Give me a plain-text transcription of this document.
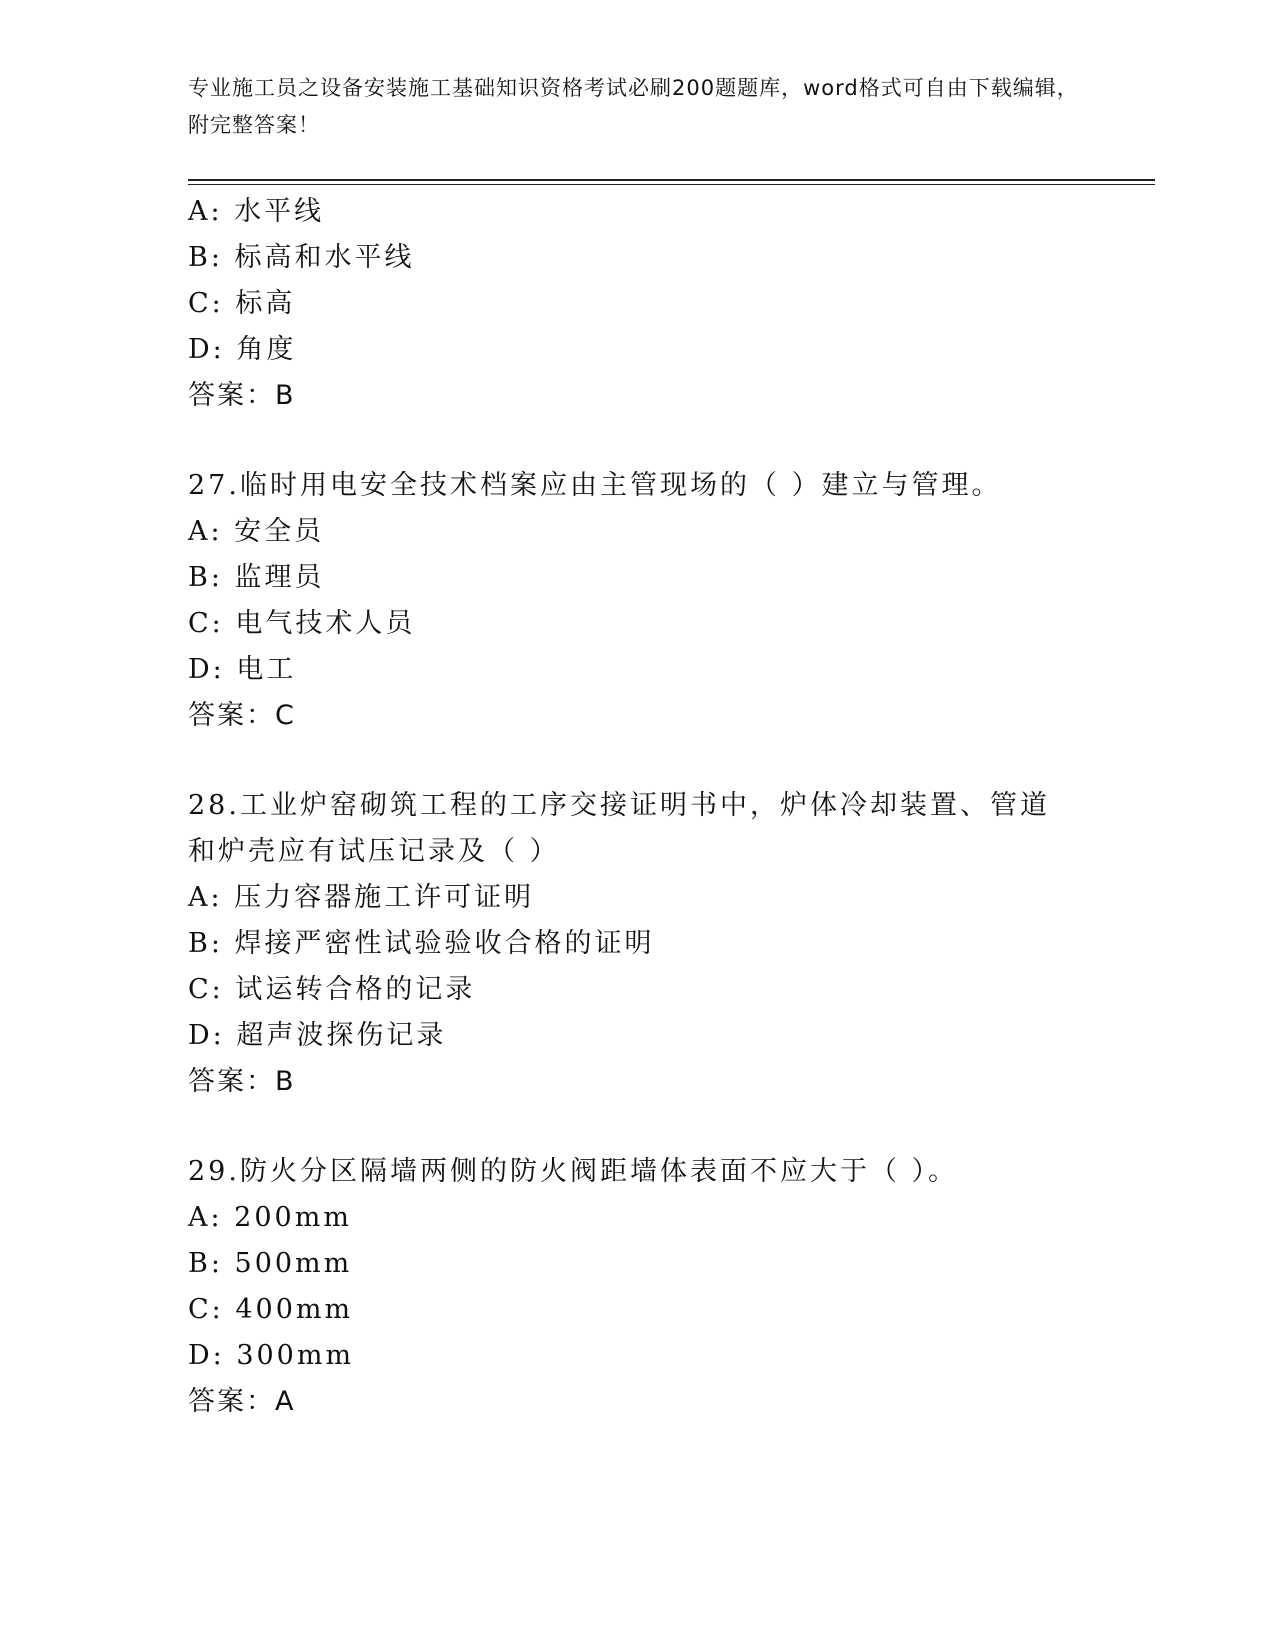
专业施工员之设备安装施工基础知识资格考试必刷200题题库，word格式可自由下载编辑，附完整答案！

A: 水平线

B: 标高和水平线

C: 标高

D: 角度

答案：B

27.临时用电安全技术档案应由主管现场的（ ）建立与管理。

A: 安全员

B: 监理员

C: 电气技术人员

D: 电工

答案：C

28.工业炉窑砌筑工程的工序交接证明书中，炉体冷却装置、管道和炉壳应有试压记录及（ ）

A: 压力容器施工许可证明

B: 焊接严密性试验验收合格的证明

C: 试运转合格的记录

D: 超声波探伤记录

答案：B

29.防火分区隔墙两侧的防火阀距墙体表面不应大于（ ）。

A: 200mm

B: 500mm

C: 400mm

D: 300mm

答案：A
